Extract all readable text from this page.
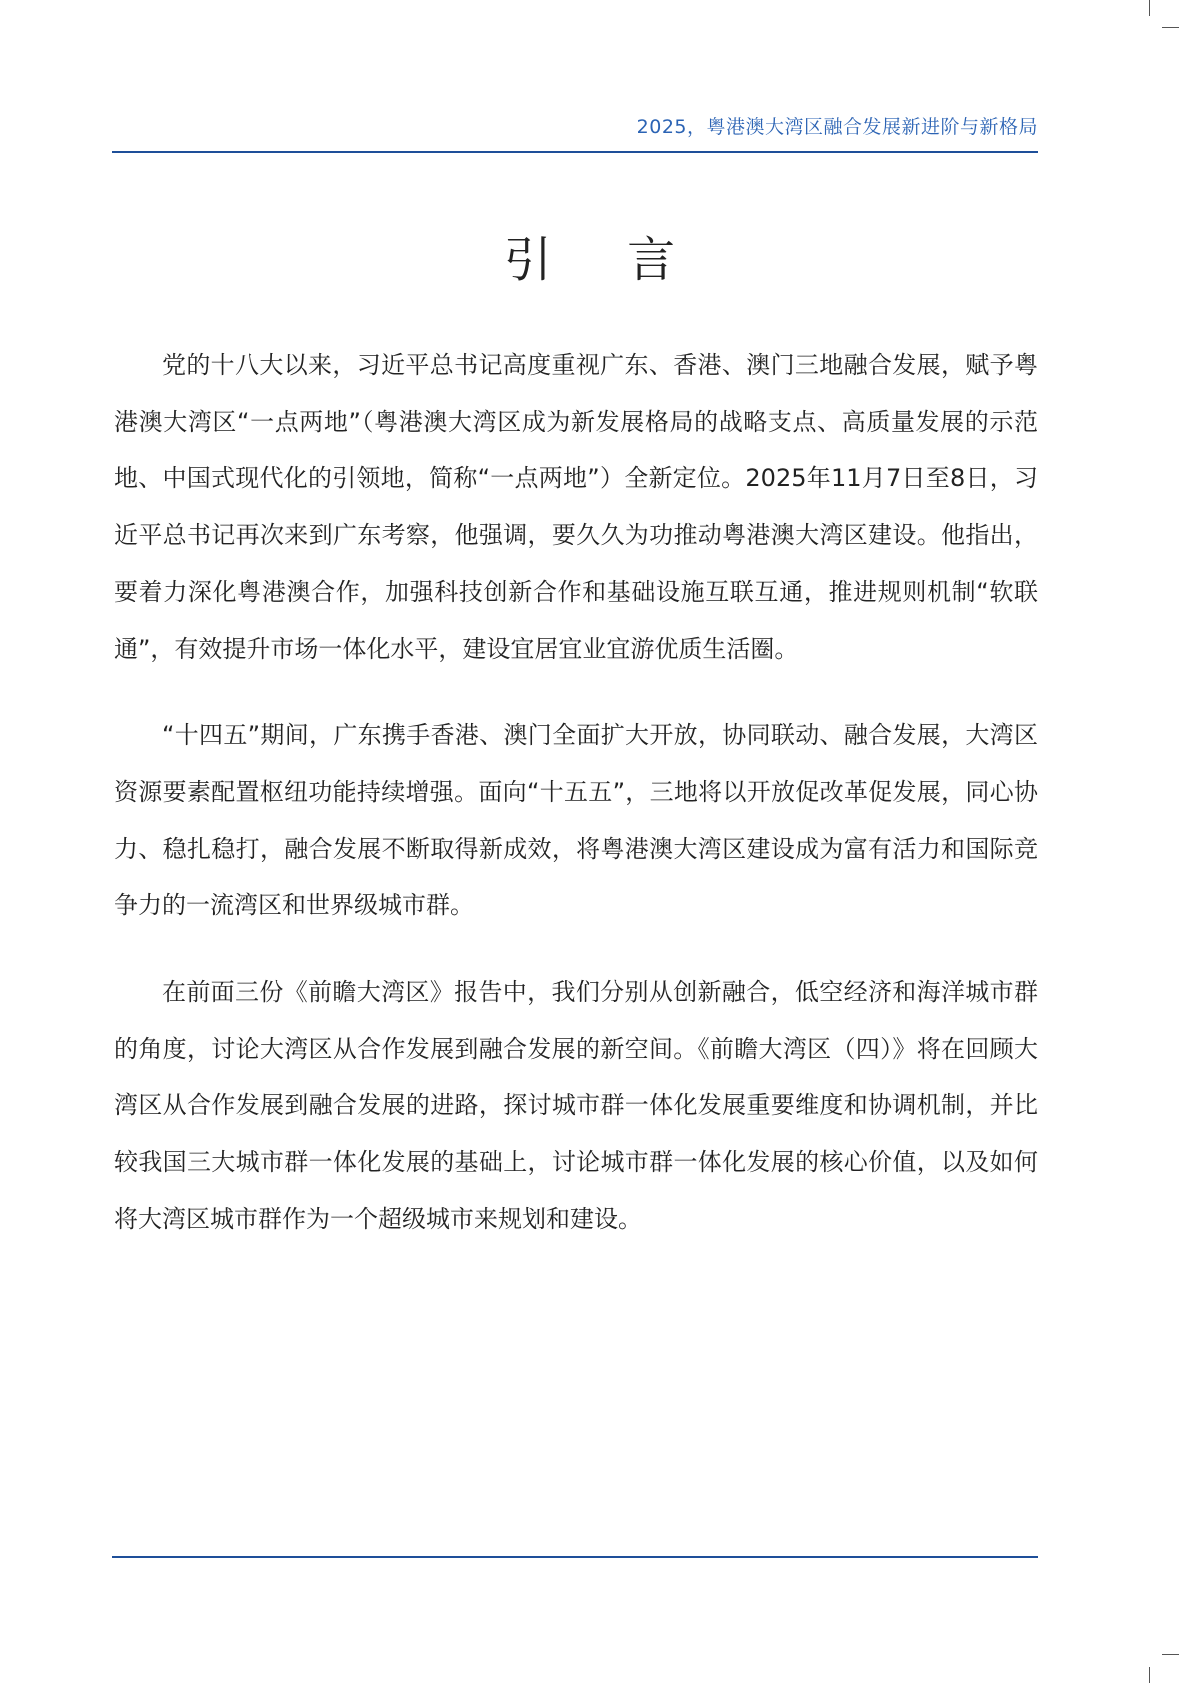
2025，粤港澳大湾区融合发展新进阶与新格局
引 言

党的十八大以来，习近平总书记高度重视广东、香港、澳门三地融合发展，赋予粤港澳大湾区“一点两地”（粤港澳大湾区成为新发展格局的战略支点、高质量发展的示范地、中国式现代化的引领地，简称“一点两地”）全新定位。2025年11月7日至8日，习近平总书记再次来到广东考察，他强调，要久久为功推动粤港澳大湾区建设。他指出，要着力深化粤港澳合作，加强科技创新合作和基础设施互联互通，推进规则机制“软联通”，有效提升市场一体化水平，建设宜居宜业宜游优质生活圈。

“十四五”期间，广东携手香港、澳门全面扩大开放，协同联动、融合发展，大湾区资源要素配置枢纽功能持续增强。面向“十五五”，三地将以开放促改革促发展，同心协力、稳扎稳打，融合发展不断取得新成效，将粤港澳大湾区建设成为富有活力和国际竞争力的一流湾区和世界级城市群。

在前面三份《前瞻大湾区》报告中，我们分别从创新融合，低空经济和海洋城市群的角度，讨论大湾区从合作发展到融合发展的新空间。《前瞻大湾区（四）》将在回顾大湾区从合作发展到融合发展的进路，探讨城市群一体化发展重要维度和协调机制，并比较我国三大城市群一体化发展的基础上，讨论城市群一体化发展的核心价值，以及如何将大湾区城市群作为一个超级城市来规划和建设。
